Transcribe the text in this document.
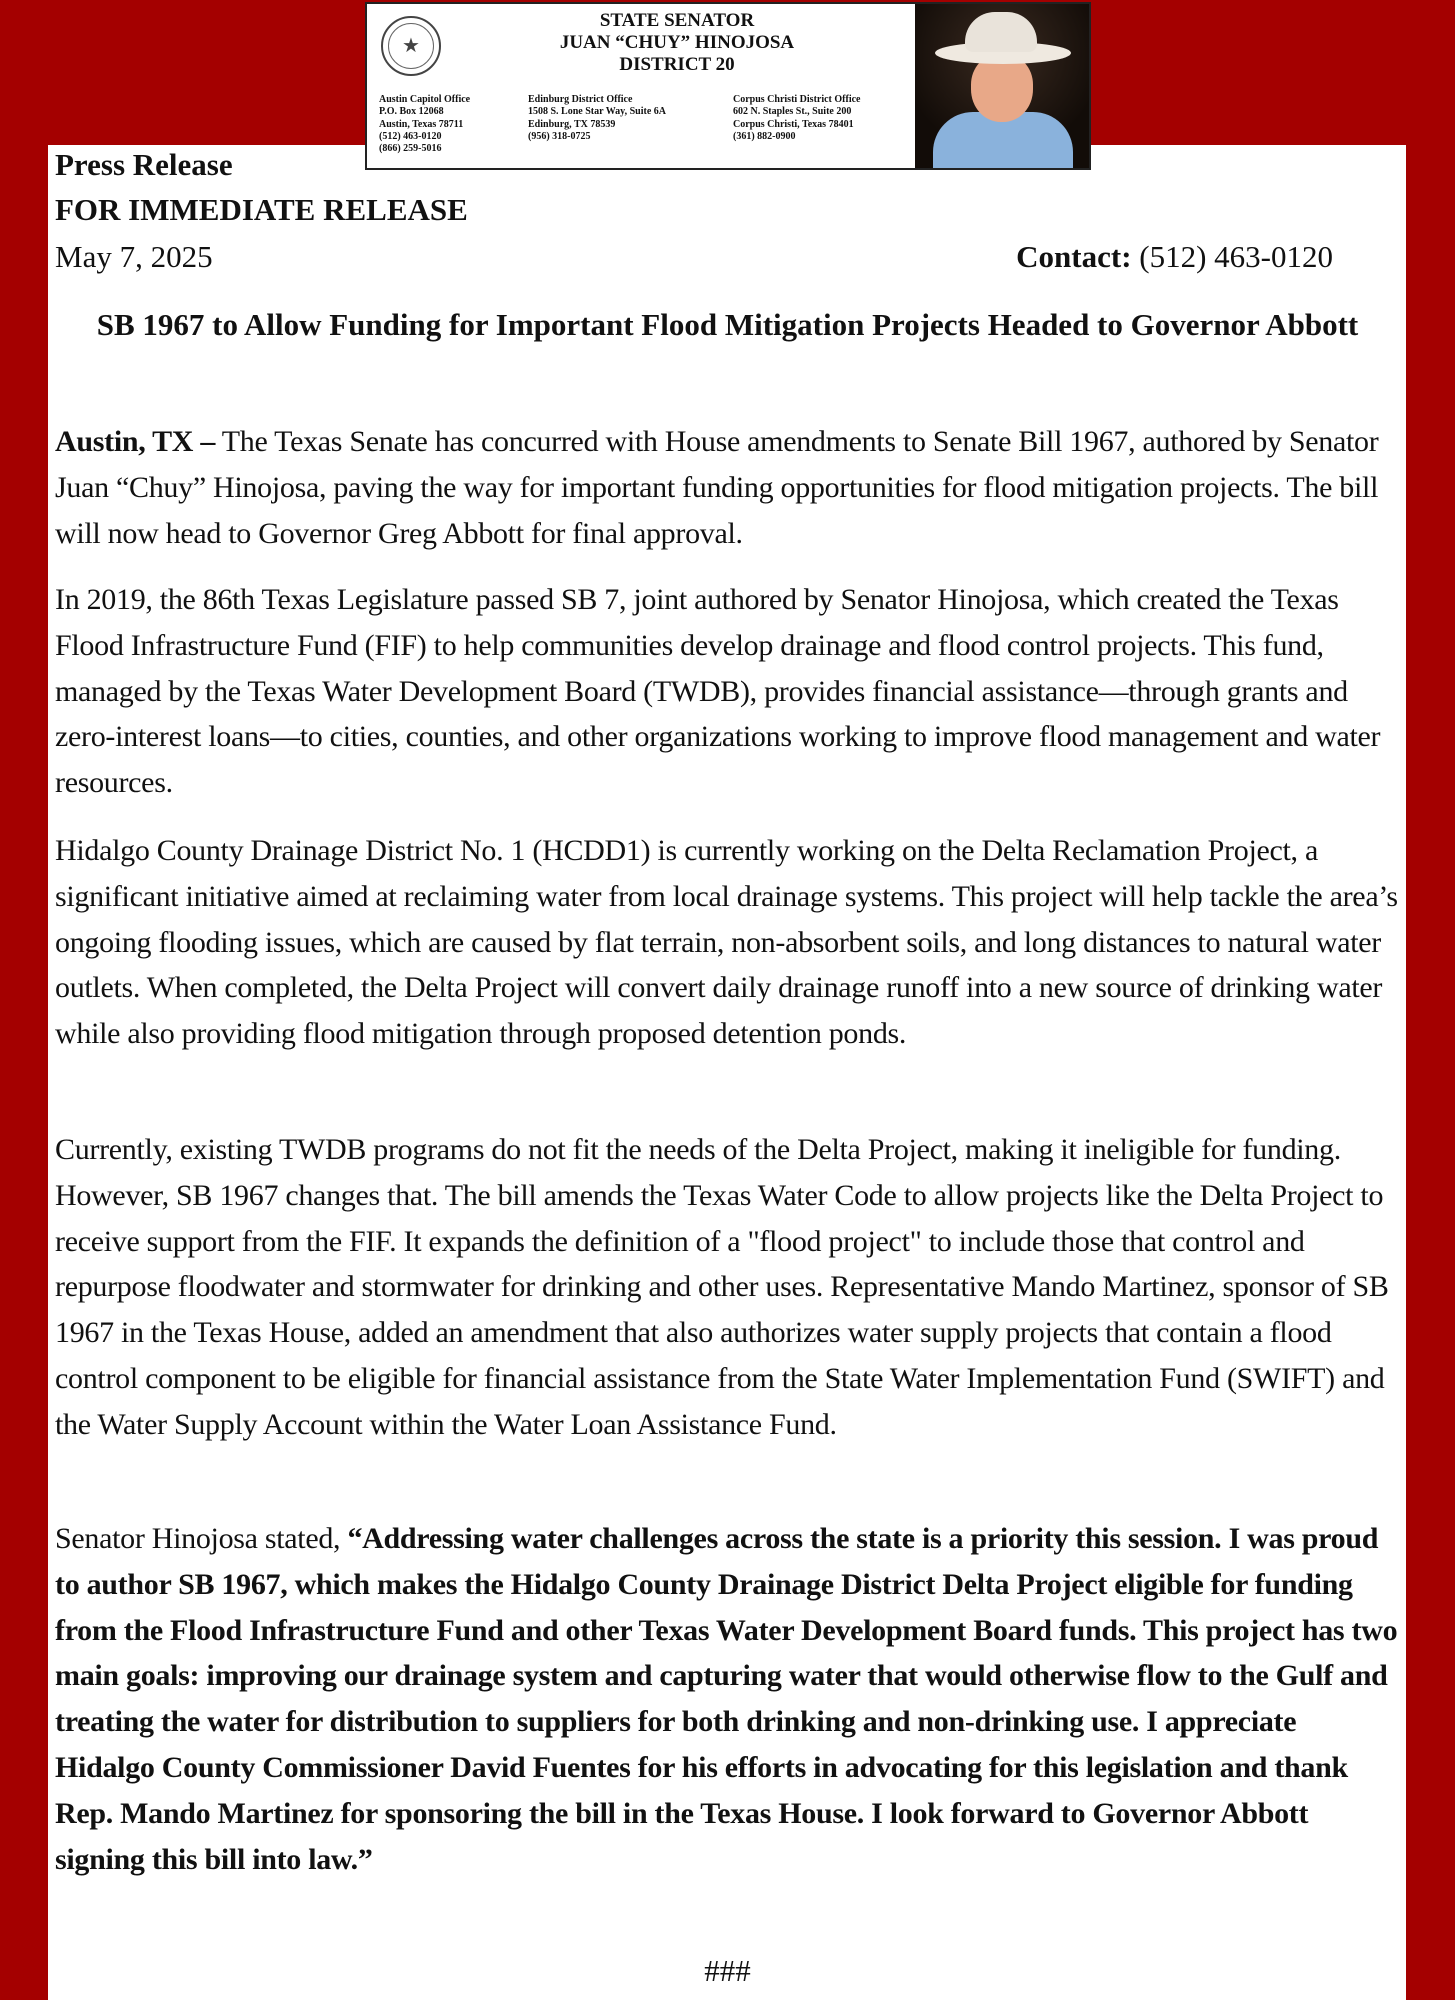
★
STATE SENATOR
JUAN “CHUY” HINOJOSA
DISTRICT 20
Austin Capitol Office
P.O. Box 12068
Austin, Texas 78711
(512) 463-0120
(866) 259-5016
Edinburg District Office
1508 S. Lone Star Way, Suite 6A
Edinburg, TX 78539
(956) 318-0725
Corpus Christi District Office
602 N. Staples St., Suite 200
Corpus Christi, Texas 78401
(361) 882-0900
Press Release
FOR IMMEDIATE RELEASE
May 7, 2025	Contact: (512) 463-0120
SB 1967 to Allow Funding for Important Flood Mitigation Projects Headed to Governor Abbott

Austin, TX – The Texas Senate has concurred with House amendments to Senate Bill 1967, authored by Senator Juan “Chuy” Hinojosa, paving the way for important funding opportunities for flood mitigation projects. The bill will now head to Governor Greg Abbott for final approval.

In 2019, the 86th Texas Legislature passed SB 7, joint authored by Senator Hinojosa, which created the Texas Flood Infrastructure Fund (FIF) to help communities develop drainage and flood control projects. This fund, managed by the Texas Water Development Board (TWDB), provides financial assistance—through grants and zero-interest loans—to cities, counties, and other organizations working to improve flood management and water resources.

Hidalgo County Drainage District No. 1 (HCDD1) is currently working on the Delta Reclamation Project, a significant initiative aimed at reclaiming water from local drainage systems. This project will help tackle the area’s ongoing flooding issues, which are caused by flat terrain, non-absorbent soils, and long distances to natural water outlets. When completed, the Delta Project will convert daily drainage runoff into a new source of drinking water while also providing flood mitigation through proposed detention ponds.

Currently, existing TWDB programs do not fit the needs of the Delta Project, making it ineligible for funding. However, SB 1967 changes that. The bill amends the Texas Water Code to allow projects like the Delta Project to receive support from the FIF. It expands the definition of a "flood project" to include those that control and repurpose floodwater and stormwater for drinking and other uses. Representative Mando Martinez, sponsor of SB 1967 in the Texas House, added an amendment that also authorizes water supply projects that contain a flood control component to be eligible for financial assistance from the State Water Implementation Fund (SWIFT) and the Water Supply Account within the Water Loan Assistance Fund.

Senator Hinojosa stated, “Addressing water challenges across the state is a priority this session. I was proud to author SB 1967, which makes the Hidalgo County Drainage District Delta Project eligible for funding from the Flood Infrastructure Fund and other Texas Water Development Board funds. This project has two main goals: improving our drainage system and capturing water that would otherwise flow to the Gulf and treating the water for distribution to suppliers for both drinking and non-drinking use. I appreciate Hidalgo County Commissioner David Fuentes for his efforts in advocating for this legislation and thank Rep. Mando Martinez for sponsoring the bill in the Texas House. I look forward to Governor Abbott signing this bill into law.”

###
